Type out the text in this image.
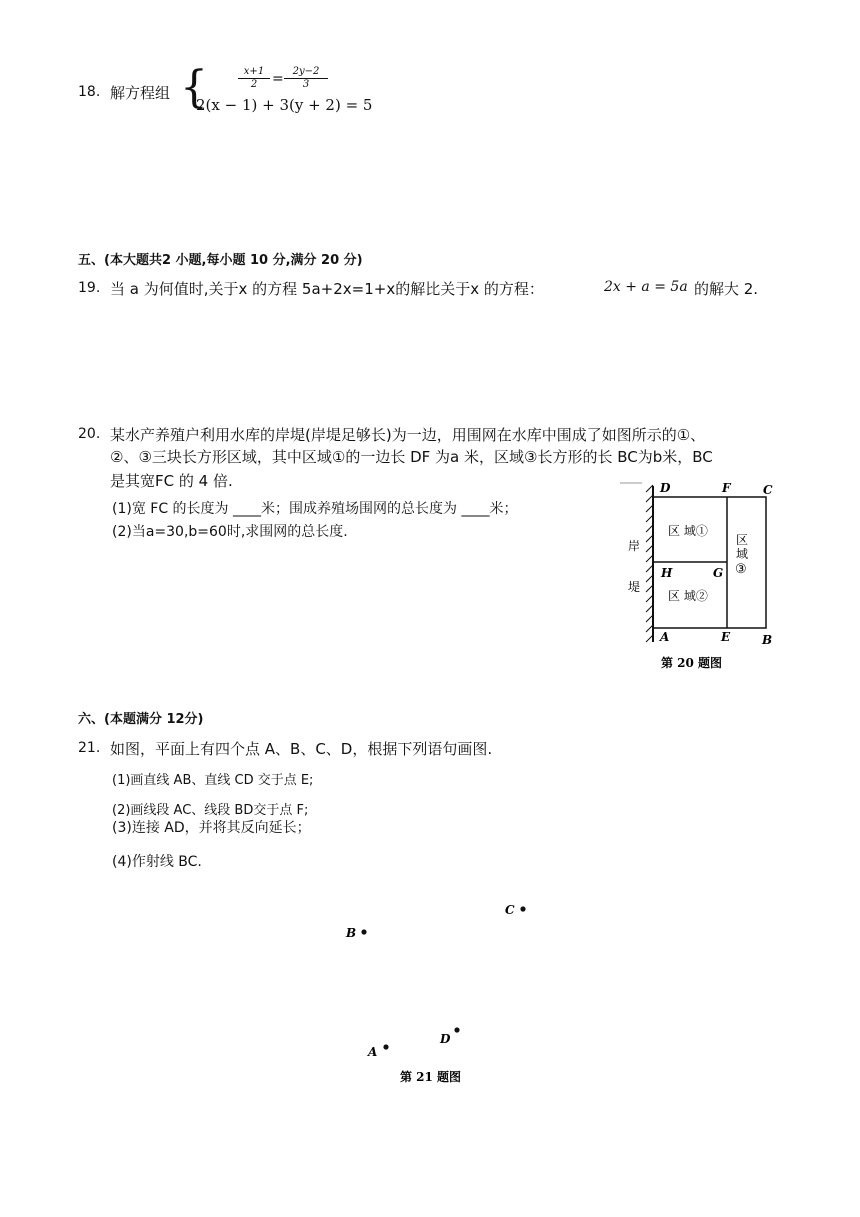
18. 解方程组 {	$\frac{x+1}{2} = \frac{2y-2}{3}$
2(x − 1) + 3(y + 2) = 5
五、(本大题共2 小题,每小题 10 分,满分 20 分)
19. 当 a 为何值时,关于x 的方程 5a+2x=1+x的解比关于x 的方程：	2x + a = 5a 的解大 2.
20. 某水产养殖户利用水库的岸堤(岸堤足够长)为一边，用围网在水库中围成了如图所示的①、
②、③三块长方形区域，其中区域①的一边长 DF 为a 米，区域③长方形的长 BC为b米，BC
是其宽FC 的 4 倍.
(1)宽 FC 的长度为 ____米；围成养殖场围网的总长度为 ____米；
(2)当a=30,b=60时,求围网的总长度.
D	F	C
H	G
A	E	B
岸
堤
区 域①
区 域②
区
域
③
第 20 题图
六、(本题满分 12分)
21. 如图，平面上有四个点 A、B、C、D，根据下列语句画图.
(1)画直线 AB、直线 CD 交于点 E;
(2)画线段 AC、线段 BD交于点 F;
(3)连接 AD，并将其反向延长；
(4)作射线 BC.
C
B
D
A
第 21 题图
